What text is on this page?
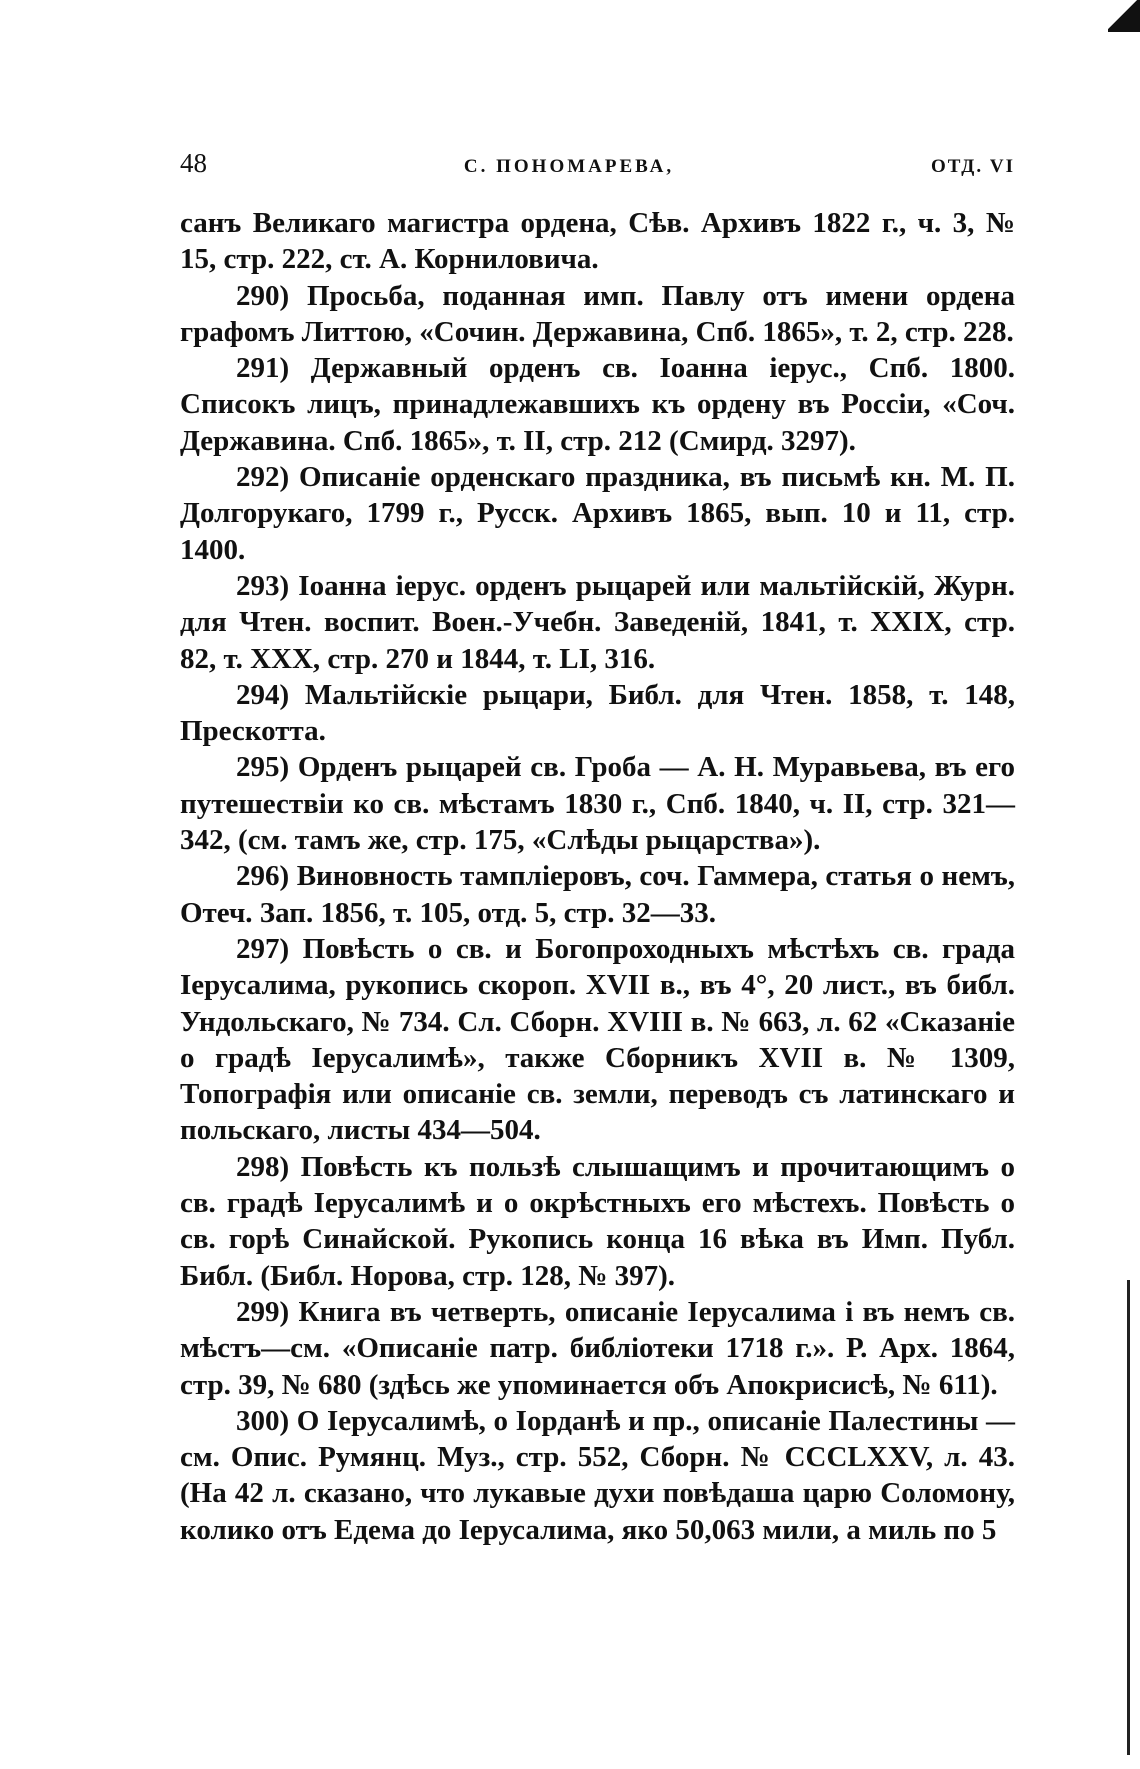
48	С. ПОНОМАРЕВА,	ОТД. VI

санъ Великаго магистра ордена, Сѣв. Архивъ 1822 г., ч. 3, № 15, стр. 222, ст. А. Корниловича.

290) Просьба, поданная имп. Павлу отъ имени ордена графомъ Литтою, «Сочин. Державина, Спб. 1865», т. 2, стр. 228.

291) Державный орденъ св. Іоанна іерус., Спб. 1800. Списокъ лицъ, принадлежавшихъ къ ордену въ Россіи, «Соч. Державина. Спб. 1865», т. II, стр. 212 (Смирд. 3297).

292) Описаніе орденскаго праздника, въ письмѣ кн. М. П. Долгорукаго, 1799 г., Русск. Архивъ 1865, вып. 10 и 11, стр. 1400.

293) Іоанна іерус. орденъ рыцарей или мальтійскій, Журн. для Чтен. воспит. Воен.-Учебн. Заведеній, 1841, т. XXIX, стр. 82, т. XXX, стр. 270 и 1844, т. LI, 316.

294) Мальтійскіе рыцари, Библ. для Чтен. 1858, т. 148, Прескотта.

295) Орденъ рыцарей св. Гроба — А. Н. Муравьева, въ его путешествіи ко св. мѣстамъ 1830 г., Спб. 1840, ч. II, стр. 321—342, (см. тамъ же, стр. 175, «Слѣды рыцарства»).

296) Виновность тампліеровъ, соч. Гаммера, статья о немъ, Отеч. Зап. 1856, т. 105, отд. 5, стр. 32—33.

297) Повѣсть о св. и Богопроходныхъ мѣстѣхъ св. града Іерусалима, рукопись скороп. XVII в., въ 4°, 20 лист., въ библ. Ундольскаго, № 734. Сл. Сборн. XVIII в. № 663, л. 62 «Сказаніе о градѣ Іерусалимѣ», также Сборникъ XVII в. № 1309, Топографія или описаніе св. земли, переводъ съ латинскаго и польскаго, листы 434—504.

298) Повѣсть къ пользѣ слышащимъ и прочитающимъ о св. градѣ Іерусалимѣ и о окрѣстныхъ его мѣстехъ. Повѣсть о св. горѣ Синайской. Рукопись конца 16 вѣка въ Имп. Публ. Библ. (Библ. Норова, стр. 128, № 397).

299) Книга въ четверть, описаніе Іерусалима і въ немъ св. мѣстъ—см. «Описаніе патр. библіотеки 1718 г.». Р. Арх. 1864, стр. 39, № 680 (здѣсь же упоминается объ Апокрисисѣ, № 611).

300) О Іерусалимѣ, о Іорданѣ и пр., описаніе Палестины — см. Опис. Румянц. Муз., стр. 552, Сборн. № CCCLXXV, л. 43. (На 42 л. сказано, что лукавые духи повѣдаша царю Соломону, колико отъ Едема до Іерусалима, яко 50,063 мили, а миль по 5
